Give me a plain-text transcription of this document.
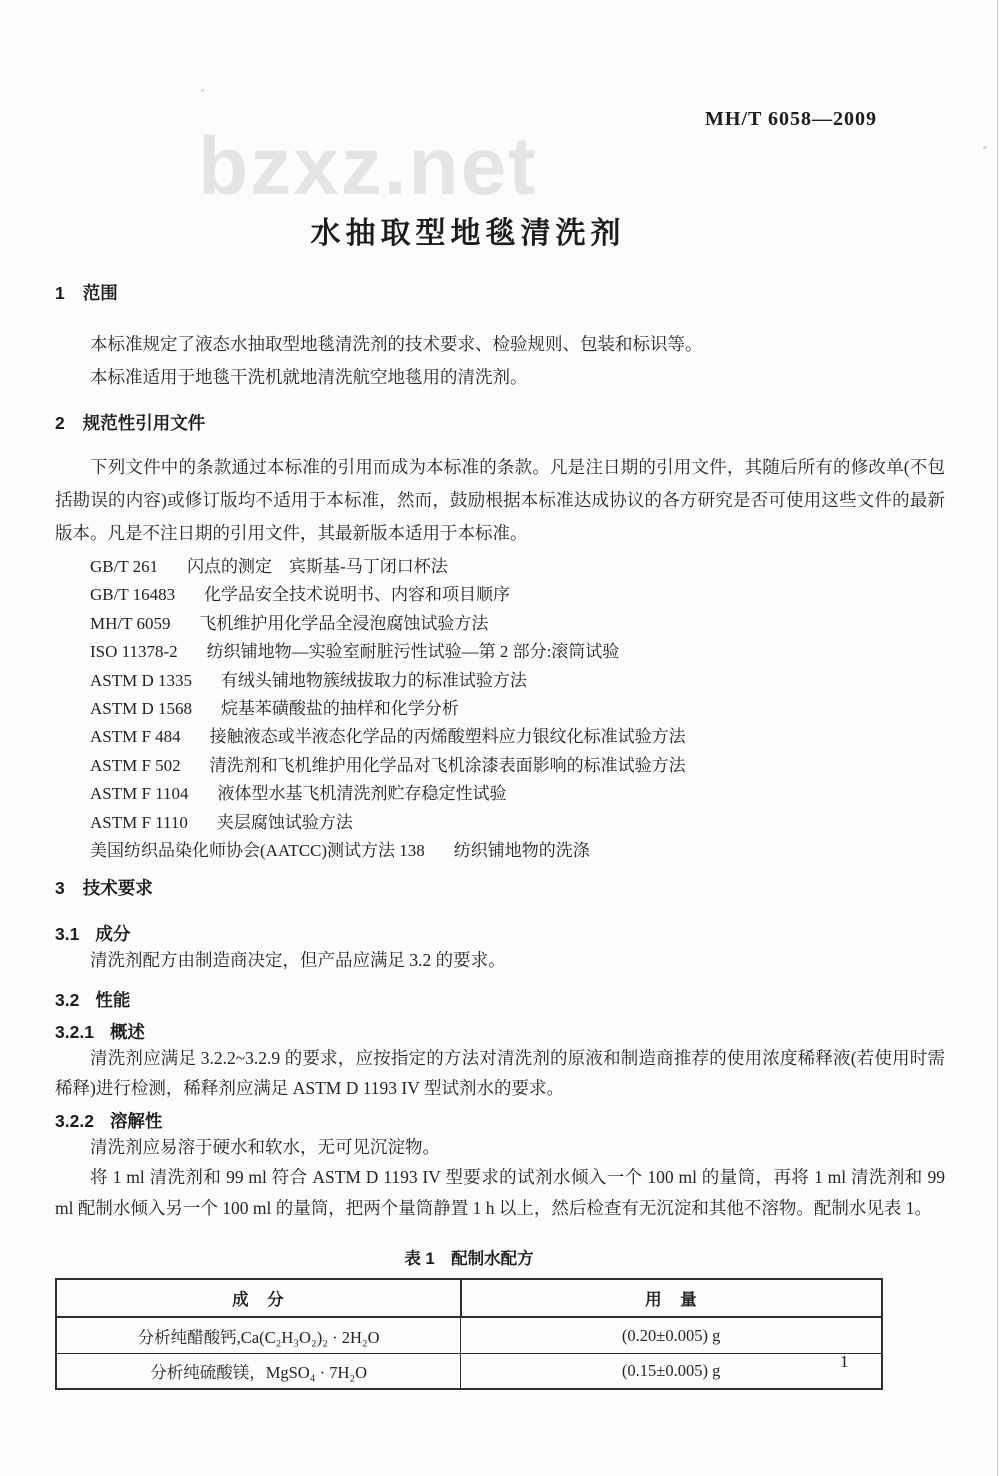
MH/T 6058—2009
bzxz.net
水抽取型地毯清洗剂
1 范围

本标准规定了液态水抽取型地毯清洗剂的技术要求、检验规则、包装和标识等。

本标准适用于地毯干洗机就地清洗航空地毯用的清洗剂。

2 规范性引用文件

下列文件中的条款通过本标准的引用而成为本标准的条款。凡是注日期的引用文件，其随后所有的修改单(不包括勘误的内容)或修订版均不适用于本标准，然而，鼓励根据本标准达成协议的各方研究是否可使用这些文件的最新版本。凡是不注日期的引用文件，其最新版本适用于本标准。

GB/T 261 闪点的测定　宾斯基-马丁闭口杯法
GB/T 16483 化学品安全技术说明书、内容和项目顺序
MH/T 6059 飞机维护用化学品全浸泡腐蚀试验方法
ISO 11378-2 纺织铺地物—实验室耐脏污性试验—第 2 部分:滚筒试验
ASTM D 1335 有绒头铺地物簇绒拔取力的标准试验方法
ASTM D 1568 烷基苯磺酸盐的抽样和化学分析
ASTM F 484 接触液态或半液态化学品的丙烯酸塑料应力银纹化标准试验方法
ASTM F 502 清洗剂和飞机维护用化学品对飞机涂漆表面影响的标准试验方法
ASTM F 1104 液体型水基飞机清洗剂贮存稳定性试验
ASTM F 1110 夹层腐蚀试验方法
美国纺织品染化师协会(AATCC)测试方法 138 纺织铺地物的洗涤
3 技术要求
3.1 成分

清洗剂配方由制造商决定，但产品应满足 3.2 的要求。

3.2 性能
3.2.1 概述

清洗剂应满足 3.2.2~3.2.9 的要求，应按指定的方法对清洗剂的原液和制造商推荐的使用浓度稀释液(若使用时需稀释)进行检测，稀释剂应满足 ASTM D 1193 IV 型试剂水的要求。

3.2.2 溶解性

清洗剂应易溶于硬水和软水，无可见沉淀物。

将 1 ml 清洗剂和 99 ml 符合 ASTM D 1193 IV 型要求的试剂水倾入一个 100 ml 的量筒，再将 1 ml 清洗剂和 99 ml 配制水倾入另一个 100 ml 的量筒，把两个量筒静置 1 h 以上，然后检查有无沉淀和其他不溶物。配制水见表 1。

表 1　配制水配方
成　分	用　量
分析纯醋酸钙,Ca(C₂H₃O₂)₂ · 2H₂O	(0.20±0.005) g
分析纯硫酸镁，MgSO₄ · 7H₂O	(0.15±0.005) g	1
